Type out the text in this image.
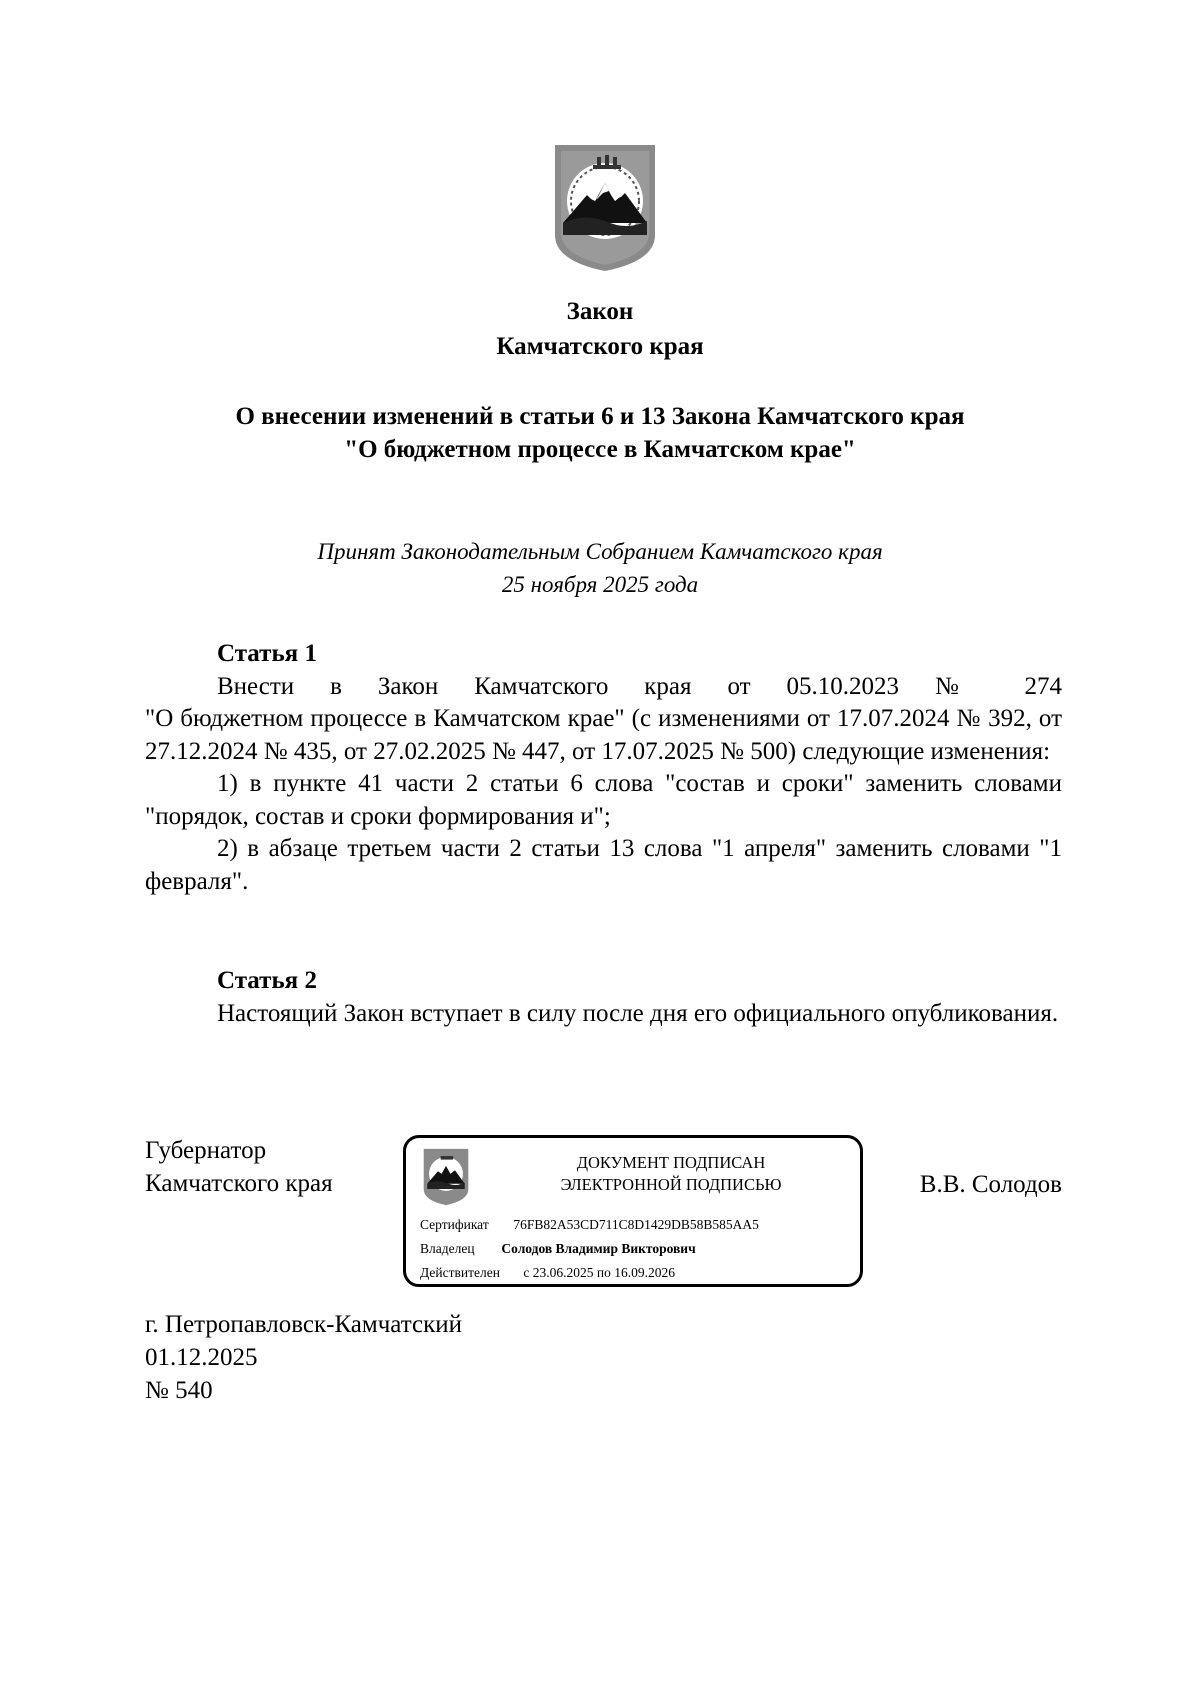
Закон
Камчатского края
О внесении изменений в статьи 6 и 13 Закона Камчатского края
"О бюджетном процессе в Камчатском крае"
Принят Законодательным Собранием Камчатского края
25 ноября 2025 года
Статья 1

Внести в Закон Камчатского края от 05.10.2023 № 274
"О бюджетном процессе в Камчатском крае" (с изменениями от 17.07.2024 № 392, от 27.12.2024 № 435, от 27.02.2025 № 447, от 17.07.2025 № 500) следующие изменения:

1) в пункте 41 части 2 статьи 6 слова "состав и сроки" заменить словами "порядок, состав и сроки формирования и";

2) в абзаце третьем части 2 статьи 13 слова "1 апреля" заменить словами "1 февраля".

Статья 2

Настоящий Закон вступает в силу после дня его официального опубликования.

Губернатор
Камчатского края
ДОКУМЕНТ ПОДПИСАН
ЭЛЕКТРОННОЙ ПОДПИСЬЮ
Сертификат 76FB82A53CD711C8D1429DB58B585AA5
Владелец Солодов Владимир Викторович
Действителен с 23.06.2025 по 16.09.2026
В.В. Солодов
г. Петропавловск-Камчатский
01.12.2025
№ 540
